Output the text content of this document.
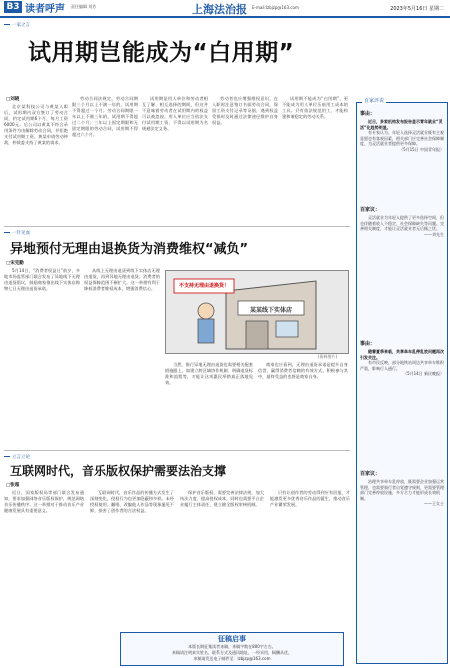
B3 读者呼声 责任编辑 刘芳	上海法治报 E-mail:lzbjzp@163.com	2023年5月16日 星期二
一家之言
试用期岂能成为“白用期”
□刘晓

北京某科技公司与黄某入职后，试用期内双方签订了劳动合同，约定试用期6个月，每月工资6000元。后公司以黄某不符合录用条件为由解除劳动合同，并拒绝支付试用期工资。黄某申请劳动仲裁，仲裁委支持了黄某的请求。

劳动合同法规定，劳动合同期限三个月以上不满一年的，试用期不得超过一个月；劳动合同期限一年以上不满三年的，试用期不得超过二个月；三年以上固定期限和无固定期限的劳动合同，试用期不得超过六个月。

试用期是用人单位和劳动者相互了解、相互选择的期间，但这并不意味着劳动者在试用期内的权益可以被忽视。用人单位应当依法支付试用期工资，不得以试用期为名规避法定义务。

劳动者也应增强维权意识，在入职时注意签订书面劳动合同，保留工资支付记录等证据，遇到权益受损时及时通过法律途径维护自身权益。

试用期不能成为“白用期”，更不能成为用人单位压低用工成本的工具。只有依法规范用工，才能构建和谐稳定的劳动关系。

百家评说
事由：

近日，多家机构发布报告显示青年就业“灵活”化趋势明显。

有专家认为，年轻人选择灵活就业既有主观意愿也有客观因素，相关部门应完善社会保障制度，为灵活就业者提供更多保障。

（5月15日 中国青年报）

百家议：

灵活就业为年轻人提供了更多选择空间，但也伴随着收入不稳定、社会保障缺失等问题。完善相关制度，才能让灵活就业者无后顾之忧。

——刘先生

事由：

随着夏季来临，共享单车乱停乱放问题再次引发关注。

有市民反映，部分地铁站周边共享单车堆积严重，影响行人通行。

（5月14日 新民晚报）

百家议：

治理共享单车乱停放，既需要企业加强运营管理，也需要骑行者自觉遵守规则，更需要管理部门完善停放设施，多方合力才能形成长效机制。

——王女士

一针见血
异地预付无理由退换货为消费维权“减负”
□宋克勤

5月14日，“消费者权益日”前夕，多地市场监管部门联合发布了异地线下无理由退货倡议，鼓励商家推出线下实体店购物七日无理由退货承诺。

从线上无理由退货到线下实体店无理由退货，再到异地无理由退货，消费者的权益保障范围不断扩大。这一举措有利于降低消费者维权成本，增强消费信心。	不支持无理由退换货！
某某线下实体店
(资料图片)

当然，推行异地无理由退货也需要相关配套措施跟上，如建立跨区域协作机制、明确退货标准和流程等，才能让这项惠民举措真正落地见效。

商家也应看到，无理由退货承诺是提升自身信誉、赢得消费者信赖的有效方式，积极参与其中，最终受益的也将是商家自身。

立言立论
互联网时代，音乐版权保护需要法治支撑
□张超

近日，国家版权局等部门联合发布通知，要求加强网络音乐版权保护，规范网络音乐传播秩序。这一举措对于推动音乐产业健康发展具有重要意义。

互联网时代，音乐作品的传播方式发生了深刻变化，侵权行为也更加隐蔽和多样。未经授权使用、翻唱、改编他人作品等现象屡见不鲜，损害了创作者的合法权益。

保护音乐版权，需要完善法律法规，加大执法力度，提高侵权成本，同时也需要平台企业履行主体责任，建立健全版权审核机制。

只有让创作者的劳动得到应有回报，才能激发更多优秀音乐作品的诞生，推动音乐产业繁荣发展。

征稿启事
本版长期征集读者来稿，来稿字数在800字左右。
来稿请注明真实姓名、联系方式及通讯地址，一经采用，稿酬从优。
来稿请发送电子邮件至：lzbjzp@163.com
